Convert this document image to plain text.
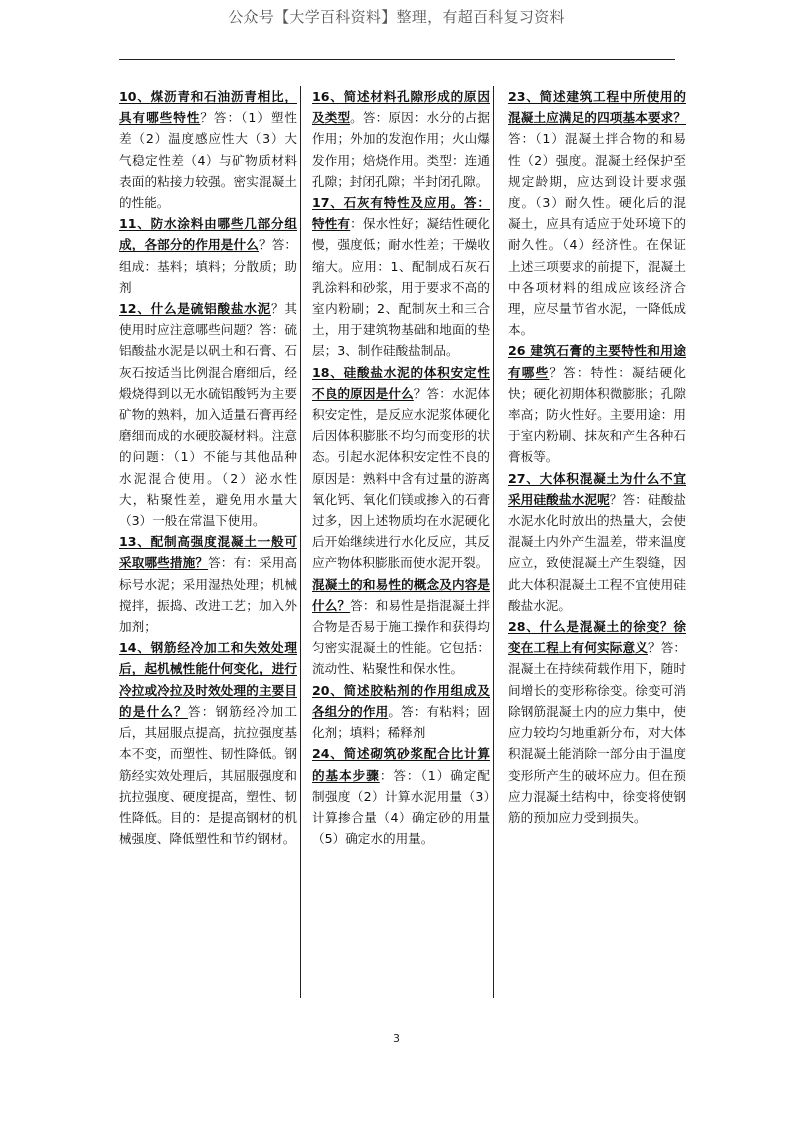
公众号【大学百科资料】整理，有超百科复习资料

10、煤沥青和石油沥青相比，具有哪些特性？答：（1）塑性差（2）温度感应性大（3）大气稳定性差（4）与矿物质材料表面的粘接力较强。密实混凝土的性能。

11、防水涂料由哪些几部分组成，各部分的作用是什么？答：组成：基料；填料；分散质；助剂

12、什么是硫铝酸盐水泥？其使用时应注意哪些问题？答：硫铝酸盐水泥是以矾土和石膏、石灰石按适当比例混合磨细后，经煅烧得到以无水硫铝酸钙为主要矿物的熟料，加入适量石膏再经磨细而成的水硬胶凝材料。注意的问题：（1）不能与其他品种水泥混合使用。（2）泌水性大，粘聚性差，避免用水量大（3）一般在常温下使用。

13、配制高强度混凝土一般可采取哪些措施？答：有：采用高标号水泥；采用湿热处理；机械搅拌，振捣、改进工艺；加入外加剂；

14、钢筋经冷加工和失效处理后，起机械性能什何变化，进行冷拉或冷拉及时效处理的主要目的是什么？答：钢筋经冷加工后，其屈服点提高，抗拉强度基本不变，而塑性、韧性降低。钢筋经实效处理后，其屈服强度和抗拉强度、硬度提高，塑性、韧性降低。目的：是提高钢材的机械强度、降低塑性和节约钢材。

16、简述材料孔隙形成的原因及类型。答：原因：水分的占据作用；外加的发泡作用；火山爆发作用；焙烧作用。类型：连通孔隙；封闭孔隙；半封闭孔隙。

17、石灰有特性及应用。答：特性有：保水性好；凝结性硬化慢，强度低；耐水性差；干燥收缩大。应用：1、配制成石灰石乳涂料和砂浆，用于要求不高的室内粉刷；2、配制灰土和三合土，用于建筑物基础和地面的垫层；3、制作硅酸盐制品。

18、硅酸盐水泥的体积安定性不良的原因是什么？答：水泥体积安定性，是反应水泥浆体硬化后因体积膨胀不均匀而变形的状态。引起水泥体积安定性不良的原因是：熟料中含有过量的游离氧化钙、氧化们镁或掺入的石膏过多，因上述物质均在水泥硬化后开始继续进行水化反应，其反应产物体积膨胀而使水泥开裂。

混凝土的和易性的概念及内容是什么？答：和易性是指混凝土拌合物是否易于施工操作和获得均匀密实混凝土的性能。它包括：流动性、粘聚性和保水性。

20、简述胶粘剂的作用组成及各组分的作用。答：有粘料；固化剂；填料；稀释剂

24、简述砌筑砂浆配合比计算的基本步骤：答：（1）确定配制强度（2）计算水泥用量（3）计算掺合量（4）确定砂的用量（5）确定水的用量。

23、简述建筑工程中所使用的混凝土应满足的四项基本要求？答：（1）混凝土拌合物的和易性（2）强度。混凝土经保护至规定龄期，应达到设计要求强度。（3）耐久性。硬化后的混凝土，应具有适应于处环境下的耐久性。（4）经济性。在保证上述三项要求的前提下，混凝土中各项材料的组成应该经济合理，应尽量节省水泥，一降低成本。

26 建筑石膏的主要特性和用途有哪些？答：特性：凝结硬化快；硬化初期体积微膨胀；孔隙率高；防火性好。主要用途：用于室内粉刷、抹灰和产生各种石膏板等。

27、大体积混凝土为什么不宜采用硅酸盐水泥呢？答：硅酸盐水泥水化时放出的热量大，会使混凝土内外产生温差，带来温度应立，致使混凝土产生裂缝，因此大体积混凝土工程不宜使用硅酸盐水泥。

28、什么是混凝土的徐变？徐变在工程上有何实际意义？答：混凝土在持续荷载作用下，随时间增长的变形称徐变。徐变可消除钢筋混凝土内的应力集中，使应力较均匀地重新分布，对大体积混凝土能消除一部分由于温度变形所产生的破坏应力。但在预应力混凝土结构中，徐变将使钢筋的预加应力受到损失。

3
